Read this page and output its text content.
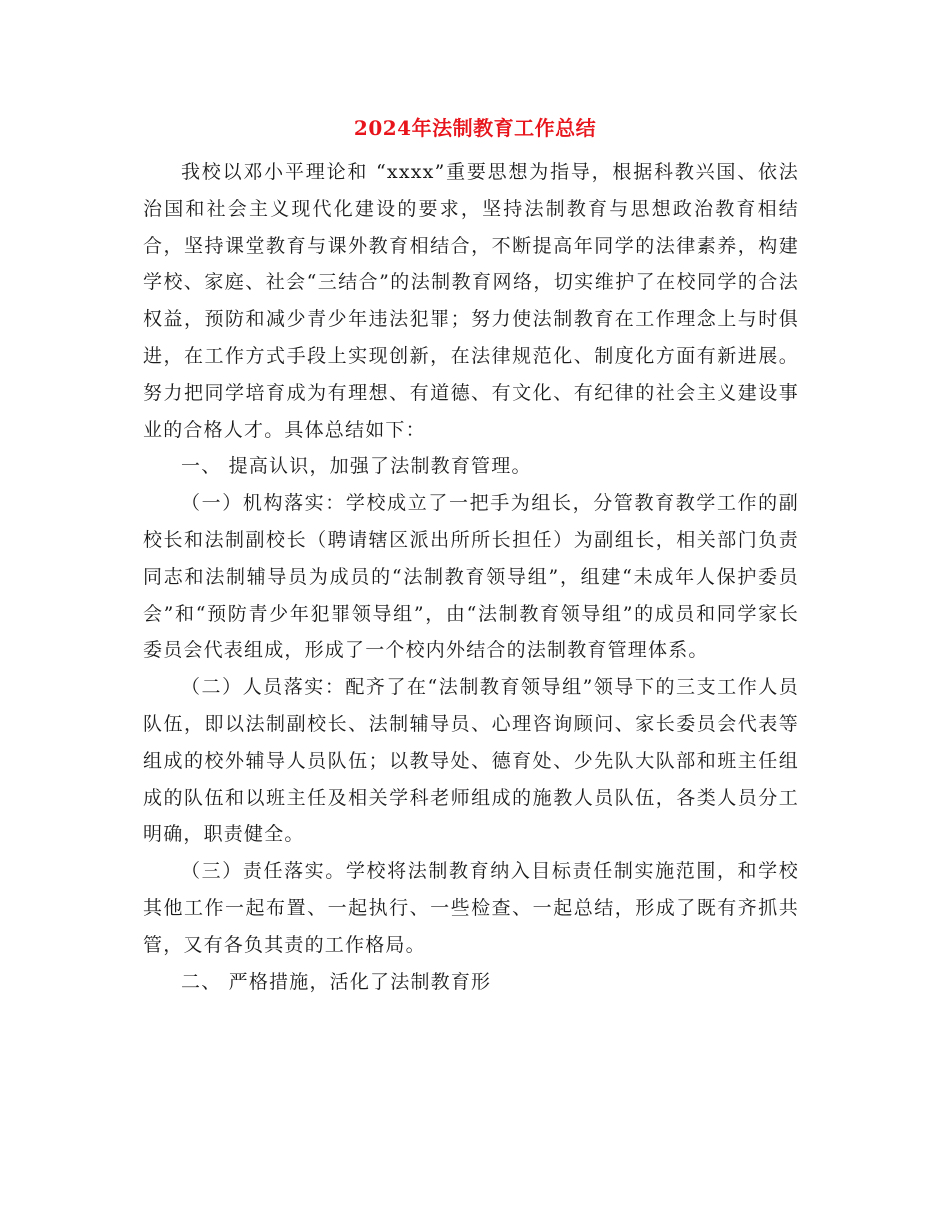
2024年法制教育工作总结

我校以邓小平理论和 “xxxx”重要思想为指导，根据科教兴国、依法治国和社会主义现代化建设的要求，坚持法制教育与思想政治教育相结合，坚持课堂教育与课外教育相结合，不断提高年同学的法律素养，构建学校、家庭、社会“三结合”的法制教育网络，切实维护了在校同学的合法权益，预防和减少青少年违法犯罪；努力使法制教育在工作理念上与时俱进，在工作方式手段上实现创新，在法律规范化、制度化方面有新进展。努力把同学培育成为有理想、有道德、有文化、有纪律的社会主义建设事业的合格人才。具体总结如下：

一、 提高认识，加强了法制教育管理。

（一）机构落实：学校成立了一把手为组长，分管教育教学工作的副校长和法制副校长（聘请辖区派出所所长担任）为副组长，相关部门负责同志和法制辅导员为成员的“法制教育领导组”，组建“未成年人保护委员会”和“预防青少年犯罪领导组”，由“法制教育领导组”的成员和同学家长委员会代表组成，形成了一个校内外结合的法制教育管理体系。

（二）人员落实：配齐了在“法制教育领导组”领导下的三支工作人员队伍，即以法制副校长、法制辅导员、心理咨询顾问、家长委员会代表等组成的校外辅导人员队伍；以教导处、德育处、少先队大队部和班主任组成的队伍和以班主任及相关学科老师组成的施教人员队伍，各类人员分工明确，职责健全。

（三）责任落实。学校将法制教育纳入目标责任制实施范围，和学校其他工作一起布置、一起执行、一些检查、一起总结，形成了既有齐抓共管，又有各负其责的工作格局。

二、 严格措施，活化了法制教育形
